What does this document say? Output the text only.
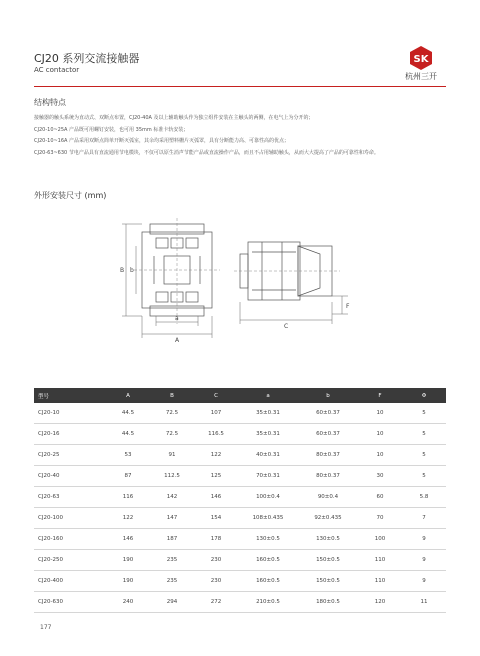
CJ20 系列交流接触器
AC contactor
SK
杭州三开
结构特点
接触器的触头系统为直动式、双断点布置，CJ20-40A 及以上辅助触头作为独立组件安装在主触头的两侧，在电气上为分开的；
CJ20-10~25A 产品既可用螺钉安装，也可用 35mm 标准卡轨安装；
CJ20-10~16A 产品采用双断点简单开断灭弧室，其余均采用塑料栅片灭弧罩，具有分断能力高、可靠性高的优点；
CJ20-63~630 节电产品具有直流通用节电模块，不仅可以原生消声节能产品或直流操作产品，而且不占用辅助触头，从而大大提高了产品的可靠性和寿命。
外形安装尺寸 (mm)
B b
a
A
C
F
型号	A	B	C	a	b	F	Φ
CJ20-10	44.5	72.5	107	35±0.31	60±0.37	10	5
CJ20-16	44.5	72.5	116.5	35±0.31	60±0.37	10	5
CJ20-25	53	91	122	40±0.31	80±0.37	10	5
CJ20-40	87	112.5	125	70±0.31	80±0.37	30	5
CJ20-63	116	142	146	100±0.4	90±0.4	60	5.8
CJ20-100	122	147	154	108±0.435	92±0.435	70	7
CJ20-160	146	187	178	130±0.5	130±0.5	100	9
CJ20-250	190	235	230	160±0.5	150±0.5	110	9
CJ20-400	190	235	230	160±0.5	150±0.5	110	9
CJ20-630	240	294	272	210±0.5	180±0.5	120	11
177
